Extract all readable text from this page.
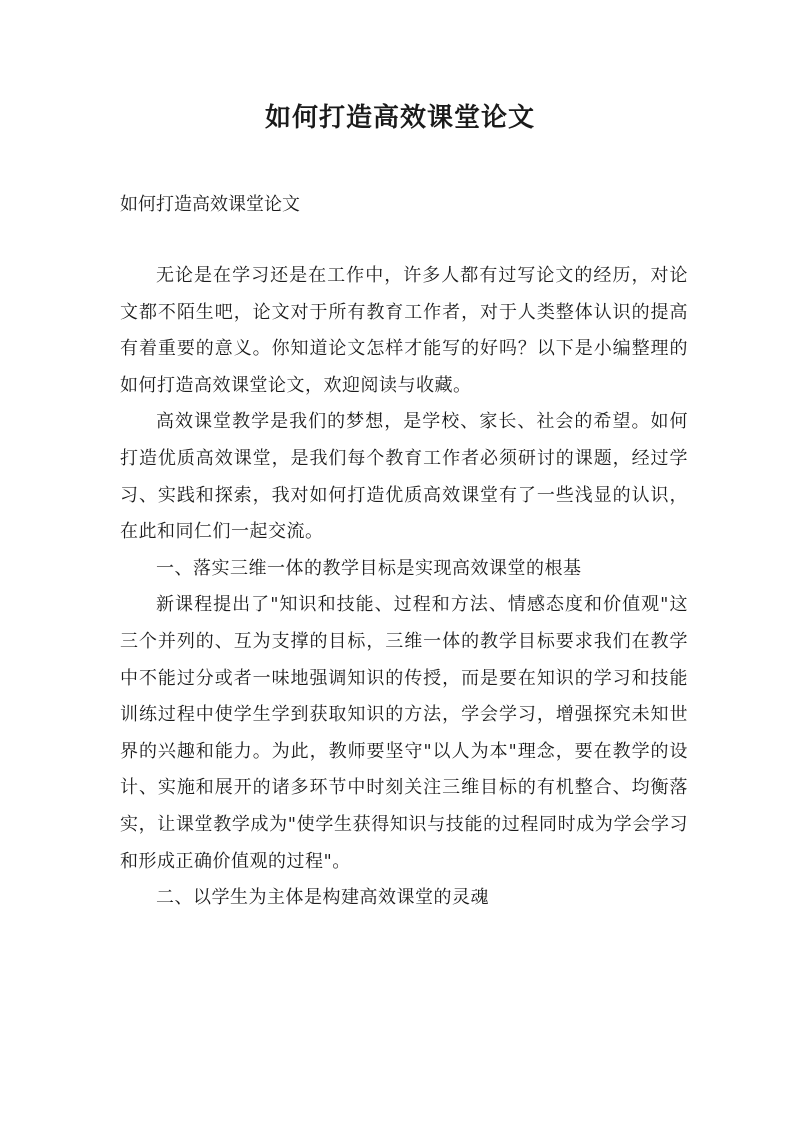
如何打造高效课堂论文

如何打造高效课堂论文

无论是在学习还是在工作中，许多人都有过写论文的经历，对论文都不陌生吧，论文对于所有教育工作者，对于人类整体认识的提高有着重要的意义。你知道论文怎样才能写的好吗？以下是小编整理的如何打造高效课堂论文，欢迎阅读与收藏。

高效课堂教学是我们的梦想，是学校、家长、社会的希望。如何打造优质高效课堂，是我们每个教育工作者必须研讨的课题，经过学习、实践和探索，我对如何打造优质高效课堂有了一些浅显的认识，在此和同仁们一起交流。

一、落实三维一体的教学目标是实现高效课堂的根基

新课程提出了"知识和技能、过程和方法、情感态度和价值观"这三个并列的、互为支撑的目标，三维一体的教学目标要求我们在教学中不能过分或者一味地强调知识的传授，而是要在知识的学习和技能训练过程中使学生学到获取知识的方法，学会学习，增强探究未知世界的兴趣和能力。为此，教师要坚守"以人为本"理念，要在教学的设计、实施和展开的诸多环节中时刻关注三维目标的有机整合、均衡落实，让课堂教学成为"使学生获得知识与技能的过程同时成为学会学习和形成正确价值观的过程"。

二、以学生为主体是构建高效课堂的灵魂
